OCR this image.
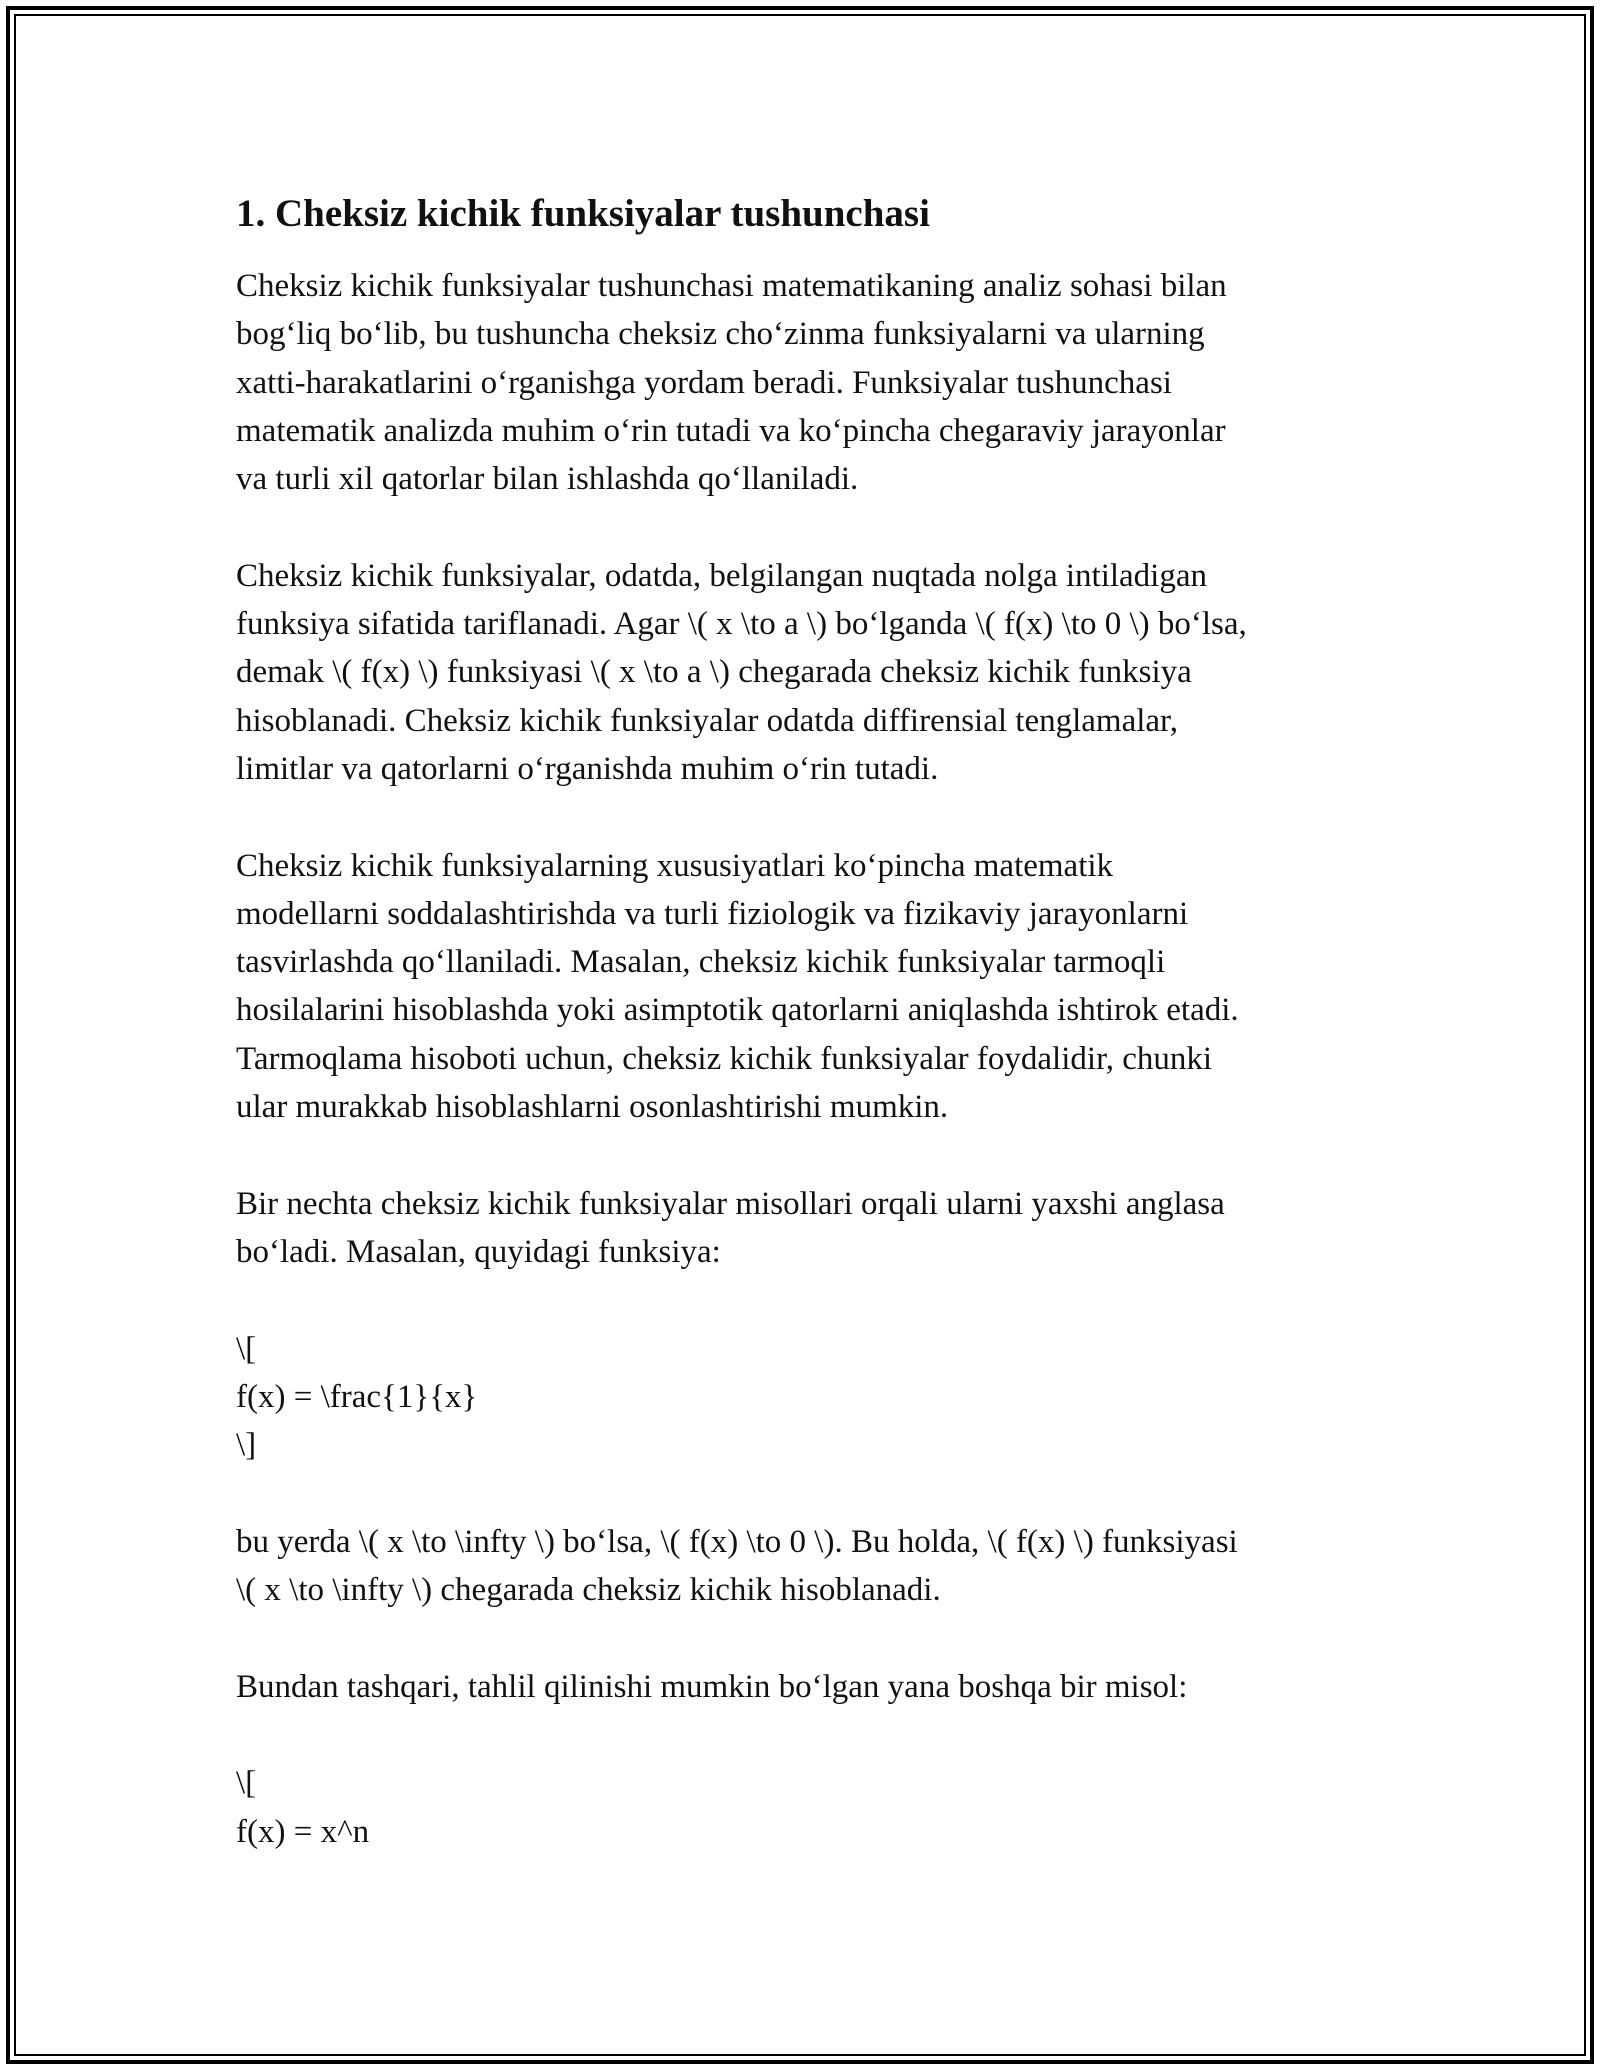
1. Cheksiz kichik funksiyalar tushunchasi

Cheksiz kichik funksiyalar tushunchasi matematikaning analiz sohasi bilan
bog‘liq bo‘lib, bu tushuncha cheksiz cho‘zinma funksiyalarni va ularning
xatti-harakatlarini o‘rganishga yordam beradi. Funksiyalar tushunchasi
matematik analizda muhim o‘rin tutadi va ko‘pincha chegaraviy jarayonlar
va turli xil qatorlar bilan ishlashda qo‘llaniladi.

Cheksiz kichik funksiyalar, odatda, belgilangan nuqtada nolga intiladigan
funksiya sifatida tariflanadi. Agar \( x \to a \) bo‘lganda \( f(x) \to 0 \) bo‘lsa,
demak \( f(x) \) funksiyasi \( x \to a \) chegarada cheksiz kichik funksiya
hisoblanadi. Cheksiz kichik funksiyalar odatda diffirensial tenglamalar,
limitlar va qatorlarni o‘rganishda muhim o‘rin tutadi.

Cheksiz kichik funksiyalarning xususiyatlari ko‘pincha matematik
modellarni soddalashtirishda va turli fiziologik va fizikaviy jarayonlarni
tasvirlashda qo‘llaniladi. Masalan, cheksiz kichik funksiyalar tarmoqli
hosilalarini hisoblashda yoki asimptotik qatorlarni aniqlashda ishtirok etadi.
Tarmoqlama hisoboti uchun, cheksiz kichik funksiyalar foydalidir, chunki
ular murakkab hisoblashlarni osonlashtirishi mumkin.

Bir nechta cheksiz kichik funksiyalar misollari orqali ularni yaxshi anglasa
bo‘ladi. Masalan, quyidagi funksiya:

\[
f(x) = \frac{1}{x}
\]

bu yerda \( x \to \infty \) bo‘lsa, \( f(x) \to 0 \). Bu holda, \( f(x) \) funksiyasi
\( x \to \infty \) chegarada cheksiz kichik hisoblanadi.

Bundan tashqari, tahlil qilinishi mumkin bo‘lgan yana boshqa bir misol:

\[
f(x) = x^n
